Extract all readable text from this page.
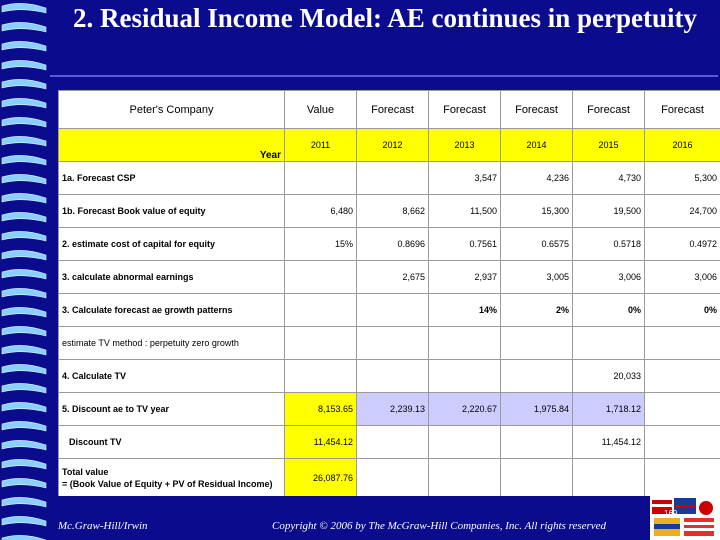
2. Residual Income Model: AE continues in perpetuity
Peter's Company	Value	Forecast	Forecast	Forecast	Forecast	Forecast
Year	2011	2012	2013	2014	2015	2016
1a. Forecast CSP			3,547	4,236	4,730	5,300
1b. Forecast Book value of equity	6,480	8,662	11,500	15,300	19,500	24,700
2. estimate cost of capital for equity	15%	0.8696	0.7561	0.6575	0.5718	0.4972
3. calculate abnormal earnings		2,675	2,937	3,005	3,006	3,006
3. Calculate forecast ae growth patterns			14%	2%	0%	0%
estimate TV method : perpetuity zero growth						
4. Calculate TV					20,033	
5. Discount ae to TV year	8,153.65	2,239.13	2,220.67	1,975.84	1,718.12	
Discount TV	11,454.12				11,454.12	
Total value
= (Book Value of Equity + PV of Residual Income)	26,087.76					
169
Mc.Graw-Hill/Irwin	Copyright © 2006 by The McGraw-Hill Companies, Inc. All rights reserved
